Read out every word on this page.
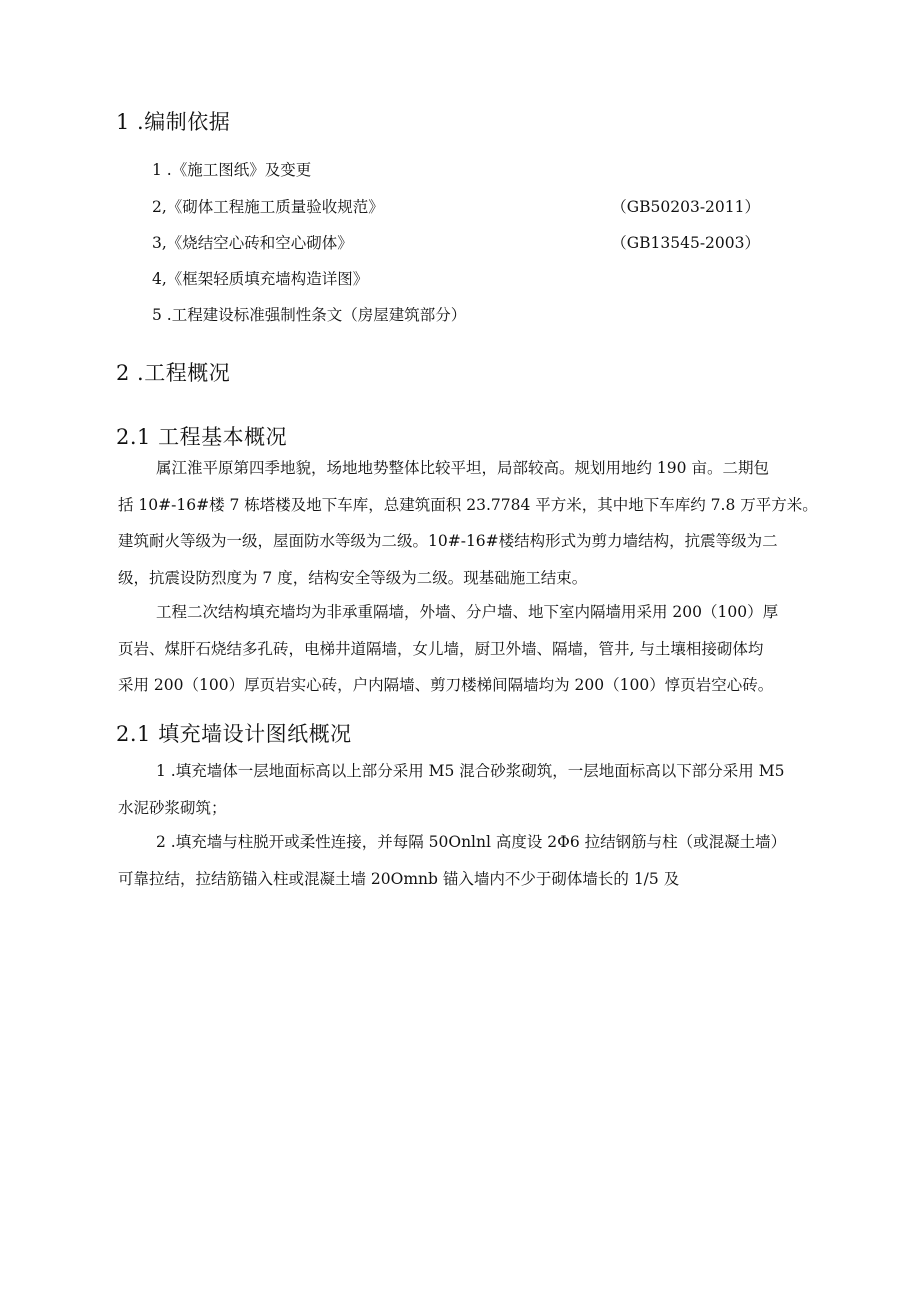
1 .编制依据
1 .《施工图纸》及变更
2,《砌体工程施工质量验收规范》	（GB50203-2011）
3,《烧结空心砖和空心砌体》	（GB13545-2003）
4,《框架轻质填充墙构造详图》
5 .工程建设标准强制性条文（房屋建筑部分）
2 .工程概况
2.1 工程基本概况
属江淮平原第四季地貌，场地地势整体比较平坦，局部较高。规划用地约 190 亩。二期包
括 10#-16#楼 7 栋塔楼及地下车库，总建筑面积 23.7784 平方米，其中地下车库约 7.8 万平方米。
建筑耐火等级为一级，屋面防水等级为二级。10#-16#楼结构形式为剪力墙结构，抗震等级为二
级，抗震设防烈度为 7 度，结构安全等级为二级。现基础施工结束。
工程二次结构填充墙均为非承重隔墙，外墙、分户墙、地下室内隔墙用采用 200（100）厚
页岩、煤肝石烧结多孔砖，电梯井道隔墙，女儿墙，厨卫外墙、隔墙，管井, 与土壤相接砌体均
采用 200（100）厚页岩实心砖，户内隔墙、剪刀楼梯间隔墙均为 200（100）惇页岩空心砖。
2.1 填充墙设计图纸概况
1 .填充墙体一层地面标高以上部分采用 M5 混合砂浆砌筑，一层地面标高以下部分采用 M5
水泥砂浆砌筑；
2 .填充墙与柱脱开或柔性连接，并每隔 50Onlnl 高度设 2Φ6 拉结钢筋与柱（或混凝土墙）
可靠拉结，拉结筋锚入柱或混凝土墙 20Omnb 锚入墙内不少于砌体墙长的 1/5 及
